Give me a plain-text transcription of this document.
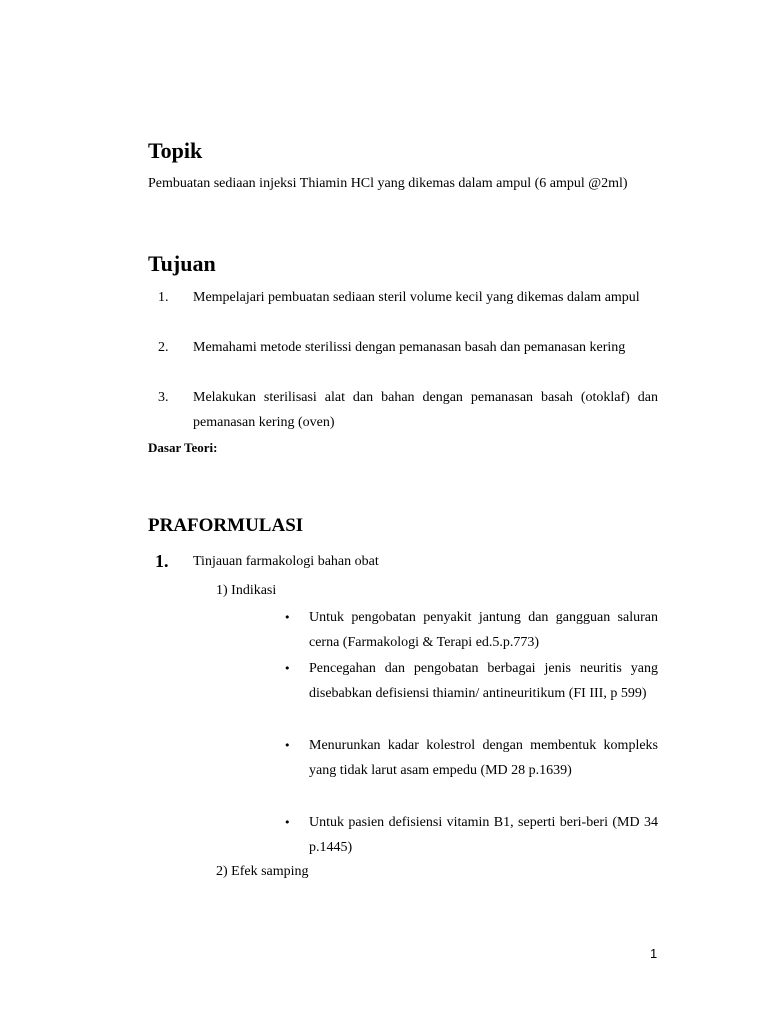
Topik

Pembuatan sediaan injeksi Thiamin HCl yang dikemas dalam ampul (6 ampul @2ml)

Tujuan
1. Mempelajari pembuatan sediaan steril volume kecil yang dikemas dalam ampul
2. Memahami metode sterilissi dengan pemanasan basah dan pemanasan kering
3. Melakukan sterilisasi alat dan bahan dengan pemanasan basah (otoklaf) dan pemanasan kering (oven)
Dasar Teori:
PRAFORMULASI
1. Tinjauan farmakologi bahan obat
1) Indikasi
•	Untuk pengobatan penyakit jantung dan gangguan saluran cerna (Farmakologi & Terapi ed.5.p.773)
•	Pencegahan dan pengobatan berbagai jenis neuritis yang disebabkan defisiensi thiamin/ antineuritikum (FI III, p 599)
•	Menurunkan kadar kolestrol dengan membentuk kompleks yang tidak larut asam empedu (MD 28 p.1639)
•	Untuk pasien defisiensi vitamin B1, seperti beri-beri (MD 34 p.1445)
2) Efek samping
1
